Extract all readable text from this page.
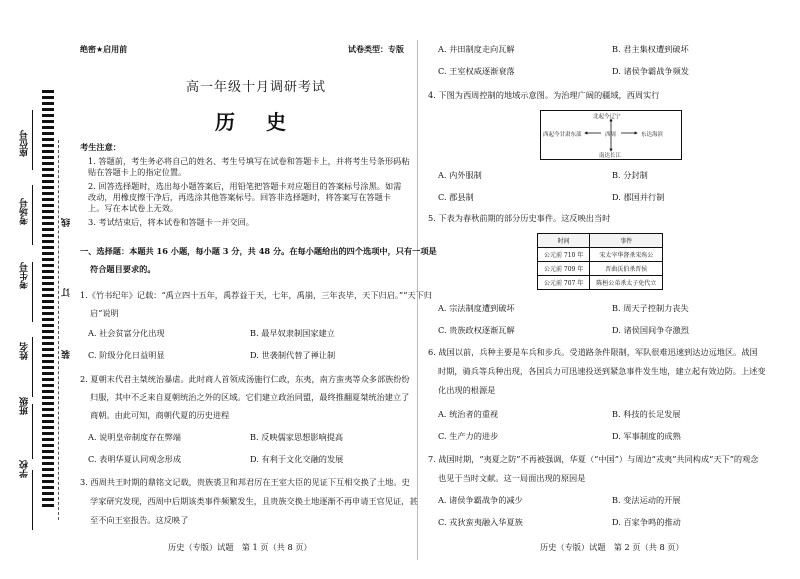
座位号
考场号
考生号
姓名
班级
学校
线
订
装
绝密★启用前	试卷类型：专版
高一年级十月调研考试
历 史
考生注意：
1. 答题前，考生务必将自己的姓名、考生号填写在试卷和答题卡上，并将考生号条形码粘
贴在答题卡上的指定位置。
2. 回答选择题时，选出每小题答案后，用铅笔把答题卡对应题目的答案标号涂黑。如需
改动，用橡皮擦干净后，再选涂其他答案标号。回答非选择题时，将答案写在答题卡
上。写在本试卷上无效。
3. 考试结束后，将本试卷和答题卡一并交回。
一、选择题：本题共 16 小题，每小题 3 分，共 48 分。在每小题给出的四个选项中，只有一项是
符合题目要求的。
1.《竹书纪年》记载：“禹立四十五年，禹荐益于天，七年，禹崩，三年丧毕，天下归启。”“天下归
启”说明
A. 社会贫富分化出现	B. 最早奴隶制国家建立
C. 阶级分化日益明显	D. 世袭制代替了禅让制
2. 夏朝末代君主桀统治暴虐。此时商人首领成汤施行仁政，东夷，南方蛮夷等众多部族纷纷
归服，其中不乏来自夏朝统治之外的区域。它们建立政治同盟，最终推翻夏桀统治建立了
商朝。由此可知，商朝代夏的历史进程
A. 说明皇帝制度存在弊端	B. 反映儒家思想影响提高
C. 表明华夏认同观念形成	D. 有利于文化交融的发展
3. 西周共王时期的鼎铭文记载，贵族裘卫和邦君厉在王室大臣的见证下互相交换了土地。史
学家研究发现，西周中后期该类事件频繁发生，且贵族交换土地逐渐不再申请王官见证，甚
至不向王室报告。这反映了
历史（专版）试题　第 1 页（共 8 页）
A. 井田制度走向瓦解	B. 君主集权遭到破坏
C. 王室权威逐渐衰落	D. 诸侯争霸战争频发
4. 下图为西周控制的地域示意图。为治理广阔的疆域，西周实行
北起今辽宁
西起今甘肃东部	西周	东达海滨
南达长江
A. 内外服制	B. 分封制
C. 郡县制	D. 郡国并行制
5. 下表为春秋前期的部分历史事件。这反映出当时
时间	事件
公元前 710 年	宋太宰华督杀宋殇公
公元前 709 年	晋曲沃伯杀晋侯
公元前 707 年	陈桓公弟杀太子免代立
A. 宗法制度遭到破坏	B. 周天子控制力丧失
C. 贵族政权逐渐瓦解	D. 诸侯国间争夺激烈
6. 战国以前，兵种主要是车兵和步兵。受道路条件限制，军队很难迅速到达边远地区。战国
时期，骑兵等兵种出现，各国兵力可迅速投送到紧急事件发生地，建立起有效边防。上述变
化出现的根源是
A. 统治者的重视	B. 科技的长足发展
C. 生产力的进步	D. 军事制度的成熟
7. 战国时期，“夷夏之防”不再被强调，华夏（“中国”）与周边“戎夷”共同构成“天下”的观念
也见于当时文献。这一局面出现的原因是
A. 诸侯争霸战争的减少	B. 变法运动的开展
C. 戎狄蛮夷融入华夏族	D. 百家争鸣的推动
历史（专版）试题　第 2 页（共 8 页）
